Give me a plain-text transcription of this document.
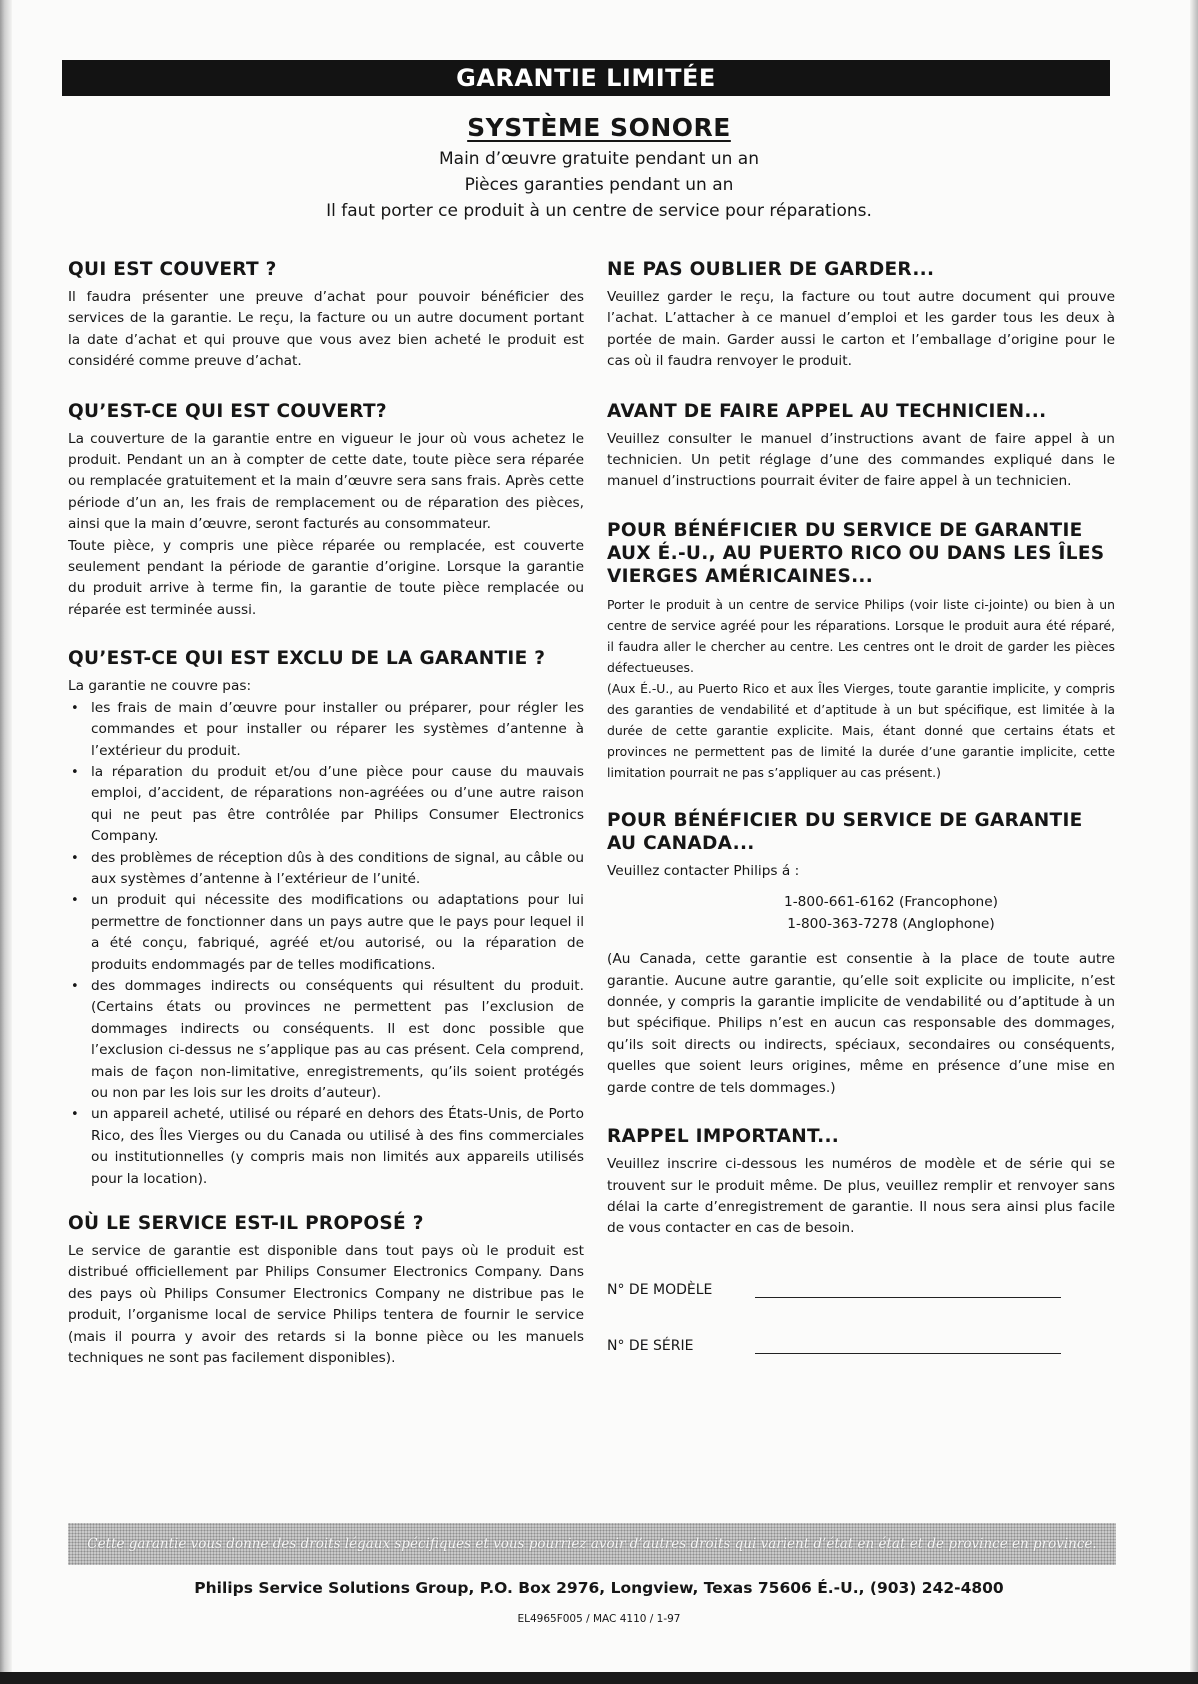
GARANTIE LIMITÉE
SYSTÈME SONORE
Main d’œuvre gratuite pendant un an
Pièces garanties pendant un an
Il faut porter ce produit à un centre de service pour réparations.
QUI EST COUVERT ?

Il faudra présenter une preuve d’achat pour pouvoir bénéficier des services de la garantie. Le reçu, la facture ou un autre document portant la date d’achat et qui prouve que vous avez bien acheté le produit est considéré comme preuve d’achat.

QU’EST-CE QUI EST COUVERT?

La couverture de la garantie entre en vigueur le jour où vous achetez le produit. Pendant un an à compter de cette date, toute pièce sera réparée ou remplacée gratuitement et la main d’œuvre sera sans frais. Après cette période d’un an, les frais de remplacement ou de réparation des pièces, ainsi que la main d’œuvre, seront facturés au consommateur.

Toute pièce, y compris une pièce réparée ou remplacée, est couverte seulement pendant la période de garantie d’origine. Lorsque la garantie du produit arrive à terme fin, la garantie de toute pièce remplacée ou réparée est terminée aussi.

QU’EST-CE QUI EST EXCLU DE LA GARANTIE ?

La garantie ne couvre pas:

• les frais de main d’œuvre pour installer ou préparer, pour régler les commandes et pour installer ou réparer les systèmes d’antenne à l’extérieur du produit.
• la réparation du produit et/ou d’une pièce pour cause du mauvais emploi, d’accident, de réparations non-agréées ou d’une autre raison qui ne peut pas être contrôlée par Philips Consumer Electronics Company.
• des problèmes de réception dûs à des conditions de signal, au câble ou aux systèmes d’antenne à l’extérieur de l’unité.
• un produit qui nécessite des modifications ou adaptations pour lui permettre de fonctionner dans un pays autre que le pays pour lequel il a été conçu, fabriqué, agréé et/ou autorisé, ou la réparation de produits endommagés par de telles modifications.
• des dommages indirects ou conséquents qui résultent du produit. (Certains états ou provinces ne permettent pas l’exclusion de dommages indirects ou conséquents. Il est donc possible que l’exclusion ci-dessus ne s’applique pas au cas présent. Cela comprend, mais de façon non-limitative, enregistrements, qu’ils soient protégés ou non par les lois sur les droits d’auteur).
• un appareil acheté, utilisé ou réparé en dehors des États-Unis, de Porto Rico, des Îles Vierges ou du Canada ou utilisé à des fins commerciales ou institutionnelles (y compris mais non limités aux appareils utilisés pour la location).
OÙ LE SERVICE EST-IL PROPOSÉ ?

Le service de garantie est disponible dans tout pays où le produit est distribué officiellement par Philips Consumer Electronics Company. Dans des pays où Philips Consumer Electronics Company ne distribue pas le produit, l’organisme local de service Philips tentera de fournir le service (mais il pourra y avoir des retards si la bonne pièce ou les manuels techniques ne sont pas facilement disponibles).

NE PAS OUBLIER DE GARDER...

Veuillez garder le reçu, la facture ou tout autre document qui prouve l’achat. L’attacher à ce manuel d’emploi et les garder tous les deux à portée de main. Garder aussi le carton et l’emballage d’origine pour le cas où il faudra renvoyer le produit.

AVANT DE FAIRE APPEL AU TECHNICIEN...

Veuillez consulter le manuel d’instructions avant de faire appel à un technicien. Un petit réglage d’une des commandes expliqué dans le manuel d’instructions pourrait éviter de faire appel à un technicien.

POUR BÉNÉFICIER DU SERVICE DE GARANTIE AUX É.-U., AU PUERTO RICO OU DANS LES ÎLES VIERGES AMÉRICAINES...

Porter le produit à un centre de service Philips (voir liste ci-jointe) ou bien à un centre de service agréé pour les réparations. Lorsque le produit aura été réparé, il faudra aller le chercher au centre. Les centres ont le droit de garder les pièces défectueuses.

(Aux É.-U., au Puerto Rico et aux Îles Vierges, toute garantie implicite, y compris des garanties de vendabilité et d’aptitude à un but spécifique, est limitée à la durée de cette garantie explicite. Mais, étant donné que certains états et provinces ne permettent pas de limité la durée d’une garantie implicite, cette limitation pourrait ne pas s’appliquer au cas présent.)

POUR BÉNÉFICIER DU SERVICE DE GARANTIE AU CANADA...

Veuillez contacter Philips á :

1-800-661-6162 (Francophone)
1-800-363-7278 (Anglophone)

(Au Canada, cette garantie est consentie à la place de toute autre garantie. Aucune autre garantie, qu’elle soit explicite ou implicite, n’est donnée, y compris la garantie implicite de vendabilité ou d’aptitude à un but spécifique. Philips n’est en aucun cas responsable des dommages, qu’ils soit directs ou indirects, spéciaux, secondaires ou conséquents, quelles que soient leurs origines, même en présence d’une mise en garde contre de tels dommages.)

RAPPEL IMPORTANT...

Veuillez inscrire ci-dessous les numéros de modèle et de série qui se trouvent sur le produit même. De plus, veuillez remplir et renvoyer sans délai la carte d’enregistrement de garantie. Il nous sera ainsi plus facile de vous contacter en cas de besoin.

N° DE MODÈLE
N° DE SÉRIE
Cette garantie vous donne des droits légaux spécifiques et vous pourriez avoir d’autres droits qui varient d’état en état et de province en province.
Philips Service Solutions Group, P.O. Box 2976, Longview, Texas 75606 É.-U., (903) 242-4800
EL4965F005 / MAC 4110 / 1-97
